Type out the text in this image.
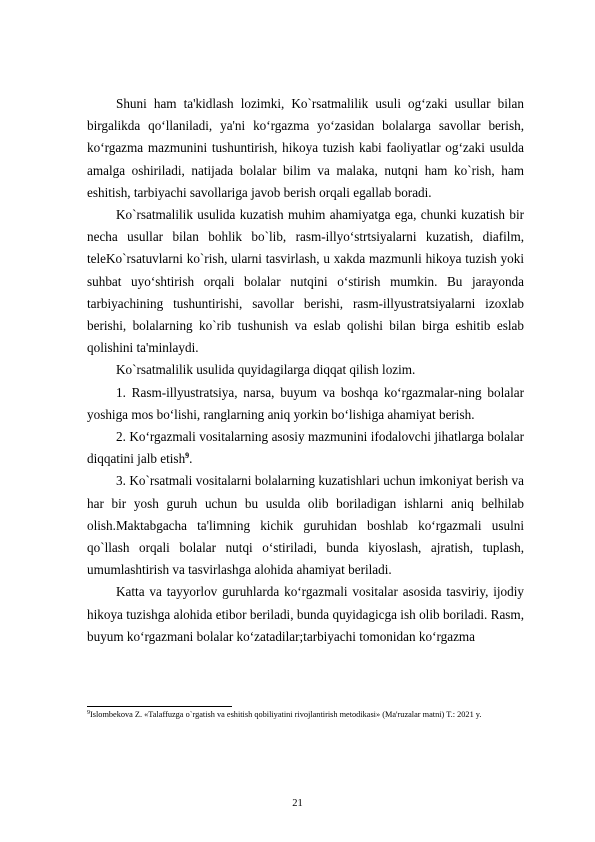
Shuni ham ta'kidlash lozimki, Ko`rsatmalilik usuli og‘zaki usullar bilan birgalikda qo‘llaniladi, ya'ni ko‘rgazma yo‘zasidan bolalarga savollar berish, ko‘rgazma mazmunini tushuntirish, hikoya tuzish kabi faoliyatlar og‘zaki usulda amalga oshiriladi, natijada bolalar bilim va malaka, nutqni ham ko`rish, ham eshitish, tarbiyachi savollariga javob berish orqali egallab boradi.

Ko`rsatmalilik usulida kuzatish muhim ahamiyatga ega, chunki kuzatish bir necha usullar bilan bohlik bo`lib, rasm-illyo‘strtsiyalarni kuzatish, diafilm, teleKo`rsatuvlarni ko`rish, ularni tasvirlash, u xakda mazmunli hikoya tuzish yoki suhbat uyo‘shtirish orqali bolalar nutqini o‘stirish mumkin. Bu jarayonda tarbiyachining tushuntirishi, savollar berishi, rasm-illyustratsiyalarni izoxlab berishi, bolalarning ko`rib tushunish va eslab qolishi bilan birga eshitib eslab qolishini ta'minlaydi.

Ko`rsatmalilik usulida quyidagilarga diqqat qilish lozim.

1. Rasm-illyustratsiya, narsa, buyum va boshqa ko‘rgazmalar-ning bolalar yoshiga mos bo‘lishi, ranglarning aniq yorkin bo‘lishiga ahamiyat berish.

2. Ko‘rgazmali vositalarning asosiy mazmunini ifodalovchi jihatlarga bolalar diqqatini jalb etish$^9$.

3. Ko`rsatmali vositalarni bolalarning kuzatishlari uchun imkoniyat berish va har bir yosh guruh uchun bu usulda olib boriladigan ishlarni aniq belhilab olish.Maktabgacha ta'limning kichik guruhidan boshlab ko‘rgazmali usulni qo`llash orqali bolalar nutqi o‘stiriladi, bunda kiyoslash, ajratish, tuplash, umumlashtirish va tasvirlashga alohida ahamiyat beriladi.

Katta va tayyorlov guruhlarda ko‘rgazmali vositalar asosida tasviriy, ijodiy hikoya tuzishga alohida etibor beriladi, bunda quyidagicga ish olib boriladi. Rasm, buyum ko‘rgazmani bolalar ko‘zatadilar;tarbiyachi tomonidan ko‘rgazma

$^9$Islombekova Z. «Talaffuzga o`rgatish va eshitish qobiliyatini rivojlantirish metodikasi» (Ma'ruzalar matni) T.: 2021 y.

21
